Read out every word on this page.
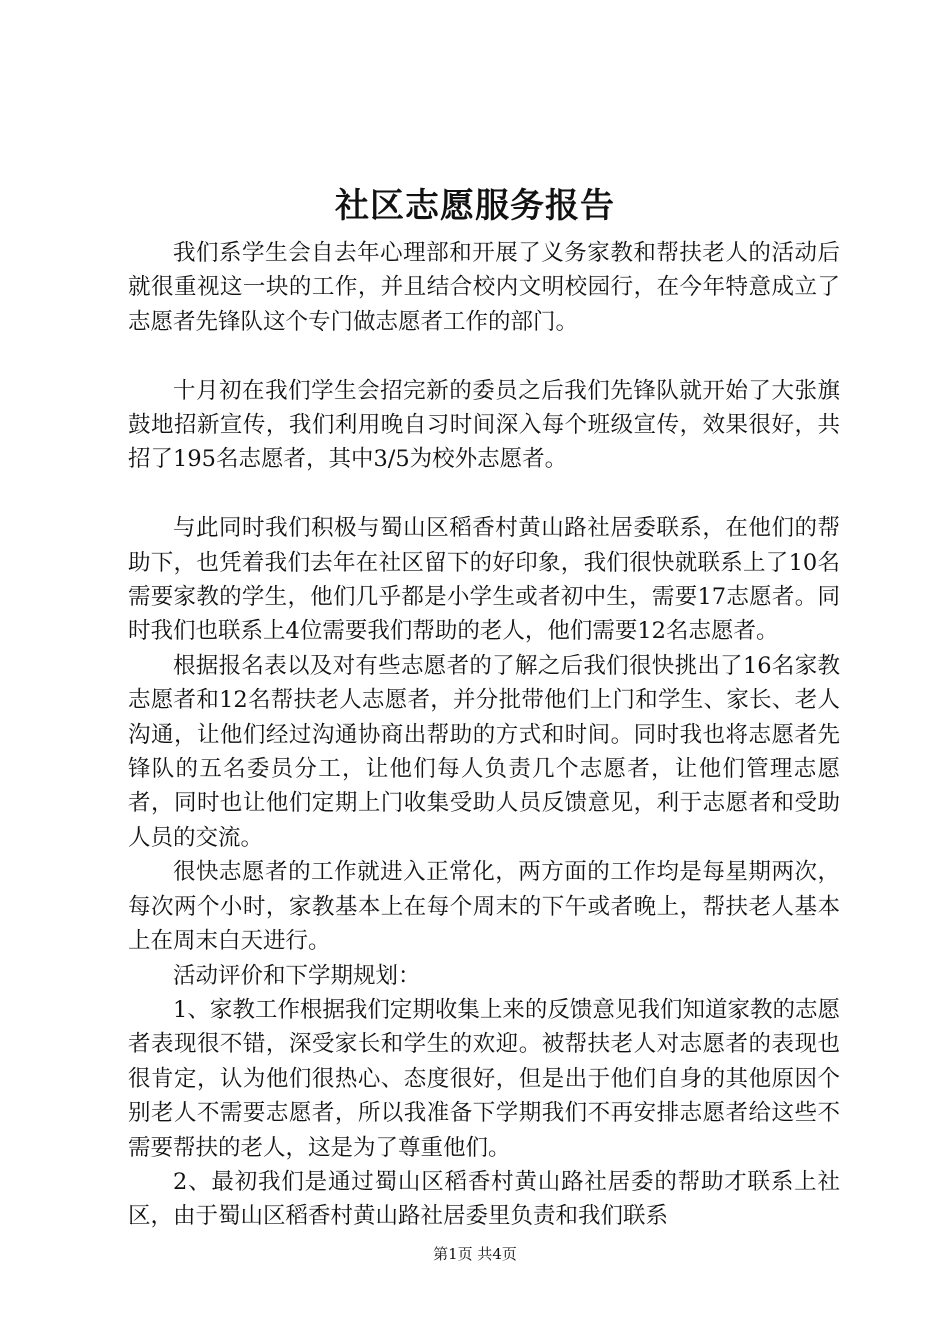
社区志愿服务报告

我们系学生会自去年心理部和开展了义务家教和帮扶老人的活动后就很重视这一块的工作，并且结合校内文明校园行，在今年特意成立了志愿者先锋队这个专门做志愿者工作的部门。

十月初在我们学生会招完新的委员之后我们先锋队就开始了大张旗鼓地招新宣传，我们利用晚自习时间深入每个班级宣传，效果很好，共招了195名志愿者，其中3/5为校外志愿者。

与此同时我们积极与蜀山区稻香村黄山路社居委联系，在他们的帮助下，也凭着我们去年在社区留下的好印象，我们很快就联系上了10名需要家教的学生，他们几乎都是小学生或者初中生，需要17志愿者。同时我们也联系上4位需要我们帮助的老人，他们需要12名志愿者。

根据报名表以及对有些志愿者的了解之后我们很快挑出了16名家教志愿者和12名帮扶老人志愿者，并分批带他们上门和学生、家长、老人沟通，让他们经过沟通协商出帮助的方式和时间。同时我也将志愿者先锋队的五名委员分工，让他们每人负责几个志愿者，让他们管理志愿者，同时也让他们定期上门收集受助人员反馈意见，利于志愿者和受助人员的交流。

很快志愿者的工作就进入正常化，两方面的工作均是每星期两次，每次两个小时，家教基本上在每个周末的下午或者晚上，帮扶老人基本上在周末白天进行。

活动评价和下学期规划：

1、家教工作根据我们定期收集上来的反馈意见我们知道家教的志愿者表现很不错，深受家长和学生的欢迎。被帮扶老人对志愿者的表现也很肯定，认为他们很热心、态度很好，但是出于他们自身的其他原因个别老人不需要志愿者，所以我准备下学期我们不再安排志愿者给这些不需要帮扶的老人，这是为了尊重他们。

2、最初我们是通过蜀山区稻香村黄山路社居委的帮助才联系上社区，由于蜀山区稻香村黄山路社居委里负责和我们联系

第1页 共4页
